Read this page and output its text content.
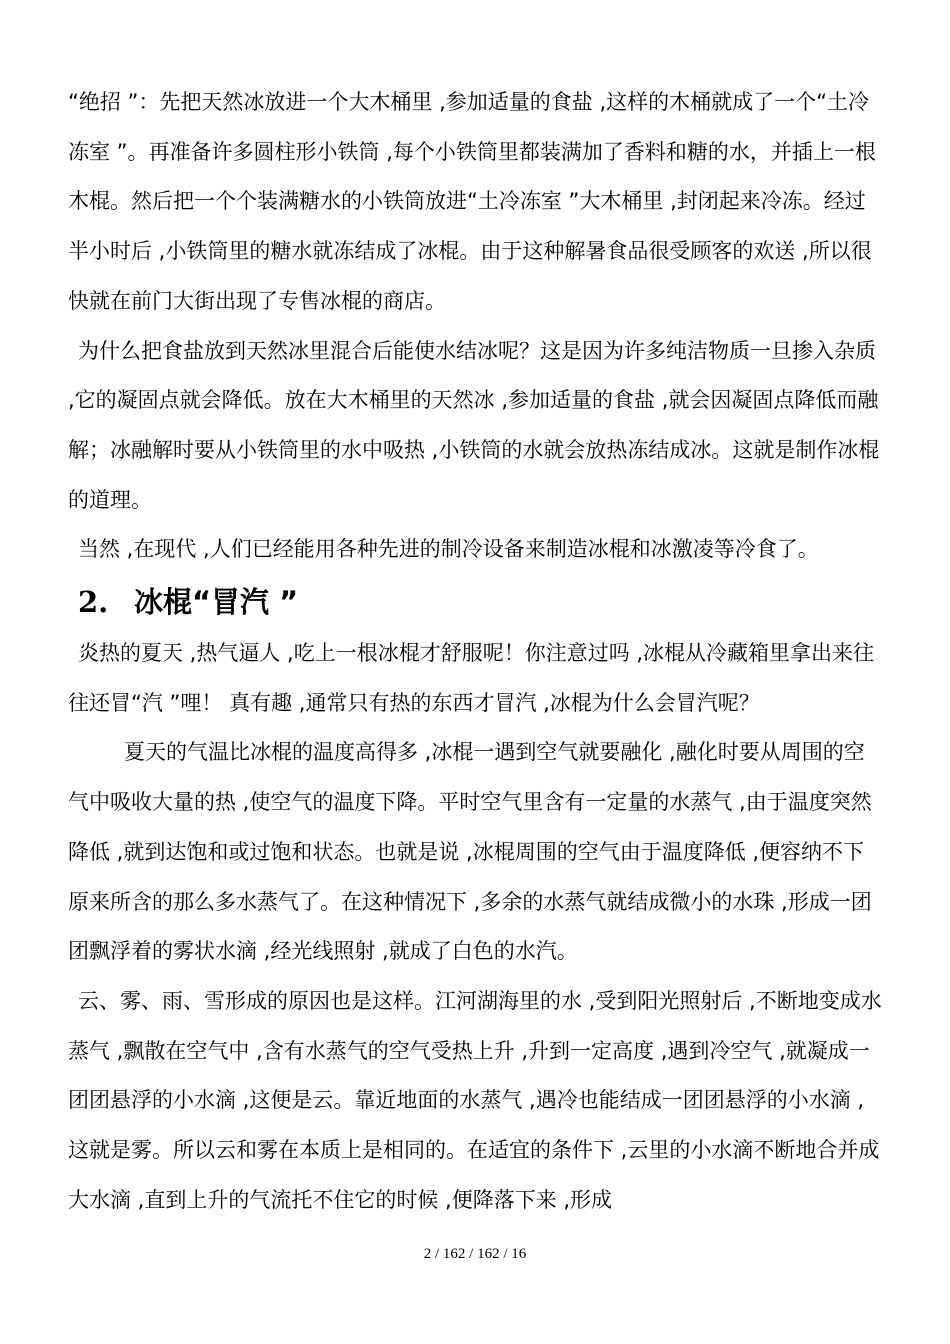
“绝招 ”：先把天然冰放进一个大木桶里 ,参加适量的食盐 ,这样的木桶就成了一个“土冷冻室 ”。再准备许多圆柱形小铁筒 ,每个小铁筒里都装满加了香料和糖的水，并插上一根木棍。然后把一个个装满糖水的小铁筒放进“土冷冻室 ”大木桶里 ,封闭起来冷冻。经过半小时后 ,小铁筒里的糖水就冻结成了冰棍。由于这种解暑食品很受顾客的欢送 ,所以很快就在前门大街出现了专售冰棍的商店。

为什么把食盐放到天然冰里混合后能使水结冰呢？这是因为许多纯洁物质一旦掺入杂质 ,它的凝固点就会降低。放在大木桶里的天然冰 ,参加适量的食盐 ,就会因凝固点降低而融解；冰融解时要从小铁筒里的水中吸热 ,小铁筒的水就会放热冻结成冰。这就是制作冰棍的道理。

当然 ,在现代 ,人们已经能用各种先进的制冷设备来制造冰棍和冰激凌等冷食了。

2. 冰棍“冒汽 ”

炎热的夏天 ,热气逼人 ,吃上一根冰棍才舒服呢！你注意过吗 ,冰棍从冷藏箱里拿出来往往还冒“汽 ”哩！ 真有趣 ,通常只有热的东西才冒汽 ,冰棍为什么会冒汽呢？

夏天的气温比冰棍的温度高得多 ,冰棍一遇到空气就要融化 ,融化时要从周围的空气中吸收大量的热 ,使空气的温度下降。平时空气里含有一定量的水蒸气 ,由于温度突然降低 ,就到达饱和或过饱和状态。也就是说 ,冰棍周围的空气由于温度降低 ,便容纳不下原来所含的那么多水蒸气了。在这种情况下 ,多余的水蒸气就结成微小的水珠 ,形成一团团飘浮着的雾状水滴 ,经光线照射 ,就成了白色的水汽。

云、雾、雨、雪形成的原因也是这样。江河湖海里的水 ,受到阳光照射后 ,不断地变成水蒸气 ,飘散在空气中 ,含有水蒸气的空气受热上升 ,升到一定高度 ,遇到冷空气 ,就凝成一团团悬浮的小水滴 ,这便是云。靠近地面的水蒸气 ,遇冷也能结成一团团悬浮的小水滴 ,这就是雾。所以云和雾在本质上是相同的。在适宜的条件下 ,云里的小水滴不断地合并成大水滴 ,直到上升的气流托不住它的时候 ,便降落下来 ,形成

2 / 162 / 162 / 16
